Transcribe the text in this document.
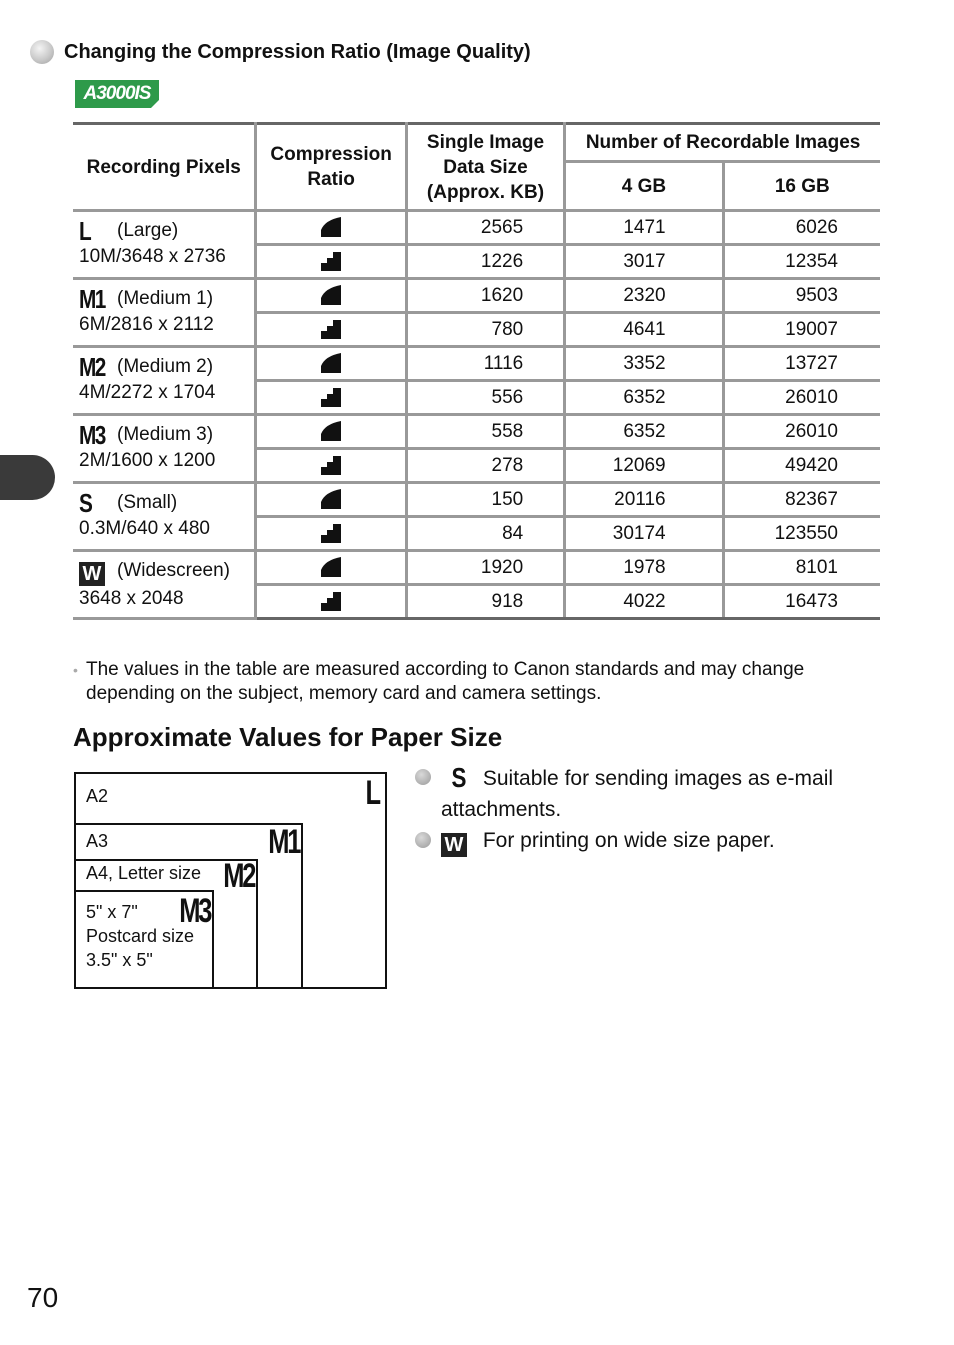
Changing the Compression Ratio (Image Quality)
A3000IS
Recording Pixels	Compression Ratio	Single Image Data Size (Approx. KB)	Number of Recordable Images	
			4 GB	16 GB
L (Large)
10M/3648 x 2736		2565	1471	6026
	1226	3017	12354
M1 (Medium 1)
6M/2816 x 2112		1620	2320	9503
	780	4641	19007
M2 (Medium 2)
4M/2272 x 1704		1116	3352	13727
	556	6352	26010
M3 (Medium 3)
2M/1600 x 1200		558	6352	26010
	278	12069	49420
S (Small)
0.3M/640 x 480		150	20116	82367
	84	30174	123550
W (Widescreen)
3648 x 2048		1920	1978	8101
	918	4022	16473
• The values in the table are measured according to Canon standards and may change depending on the subject, memory card and camera settings.
Approximate Values for Paper Size
A2	L
A3	M1
A4, Letter size M2
5" x 7"
Postcard size
3.5" x 5"
M3
S Suitable for sending images as e-mail attachments.
W For printing on wide size paper.
70
